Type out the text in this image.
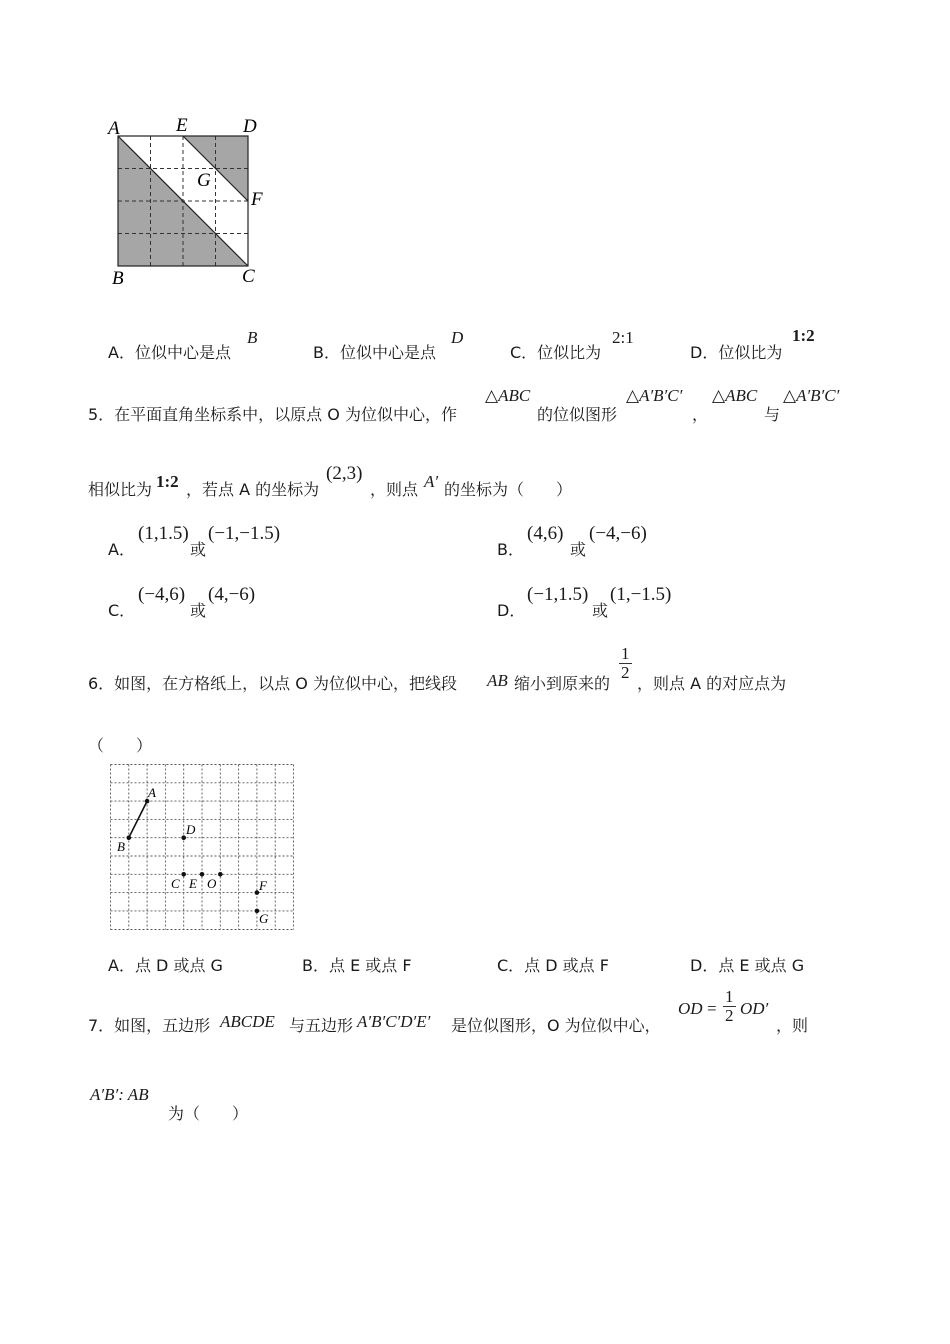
A	E	D
G
F
B	C
A．位似中心是点
B
B．位似中心是点
D
C．位似比为
2:1
D．位似比为
1:2
5．在平面直角坐标系中，以原点 O 为位似中心，作
△ABC
的位似图形
△A′B′C′
，
△ABC
与
△A′B′C′
相似比为 1:2 ，若点 A 的坐标为
(2,3)
，则点 A′ 的坐标为（　　）
A．
(1,1.5)
或
(−1,−1.5)
B．
(4,6)
或
(−4,−6)
C．
(−4,6)
或
(4,−6)
D．
(−1,1.5)
或
(1,−1.5)
6．如图，在方格纸上，以点 O 为位似中心，把线段 AB 缩小到原来的
$\frac{1}{2}$
，则点 A 的对应点为
（　　）
A
B
D
C E O	F
G
A．点 D 或点 G	B．点 E 或点 F	C．点 D 或点 F	D．点 E 或点 G
7．如图，五边形 ABCDE 与五边形 A′B′C′D′E′ 是位似图形，O 为位似中心，
OD = $\frac{1}{2} OD'$
，则
A′B′: AB
为（　　）
